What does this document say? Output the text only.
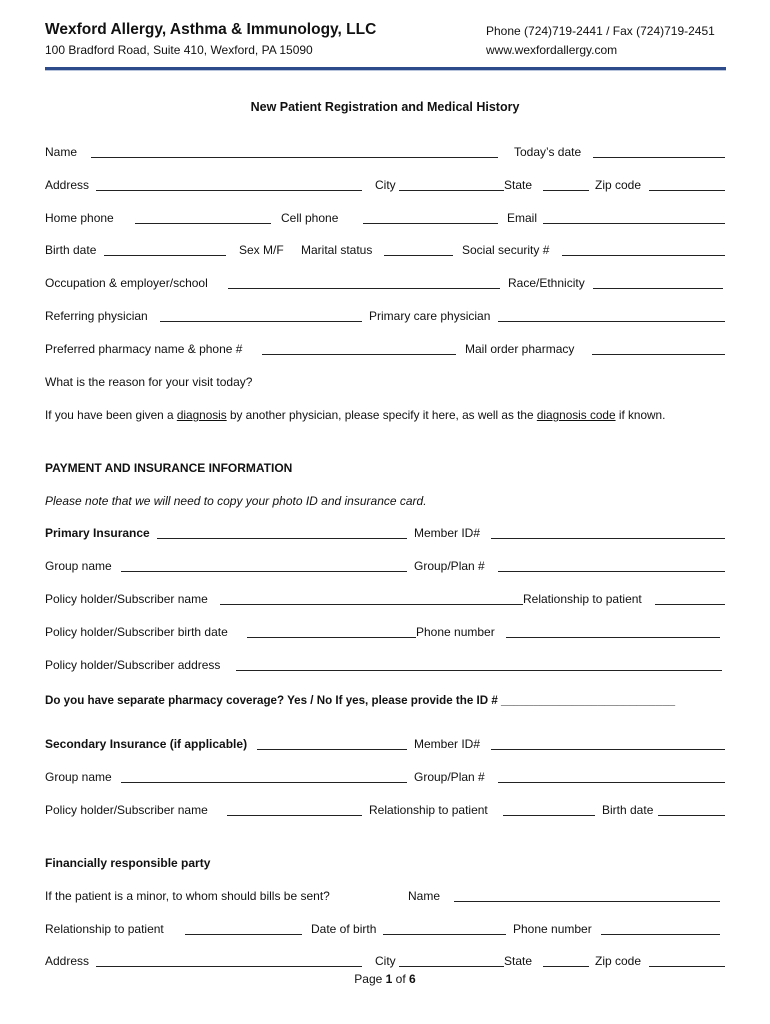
Wexford Allergy, Asthma & Immunology, LLC
100 Bradford Road, Suite 410, Wexford, PA 15090
Phone (724)719-2441 / Fax (724)719-2451
www.wexfordallergy.com
New Patient Registration and Medical History
Name	Today’s date
Address	City	State	Zip code
Home phone	Cell phone	Email
Birth date	Sex M/F Marital status	Social security #
Occupation & employer/school	Race/Ethnicity
Referring physician	Primary care physician
Preferred pharmacy name & phone #	Mail order pharmacy
What is the reason for your visit today?
If you have been given a diagnosis by another physician, please specify it here, as well as the diagnosis code if known.
PAYMENT AND INSURANCE INFORMATION
Please note that we will need to copy your photo ID and insurance card.
Primary Insurance	Member ID#
Group name	Group/Plan #
Policy holder/Subscriber name	Relationship to patient
Policy holder/Subscriber birth date	Phone number
Policy holder/Subscriber address
Do you have separate pharmacy coverage? Yes / No If yes, please provide the ID # ___________________________
Secondary Insurance (if applicable)	Member ID#
Group name	Group/Plan #
Policy holder/Subscriber name	Relationship to patient	Birth date
Financially responsible party
If the patient is a minor, to whom should bills be sent?	Name
Relationship to patient	Date of birth	Phone number
Address	City	State	Zip code
Page 1 of 6
